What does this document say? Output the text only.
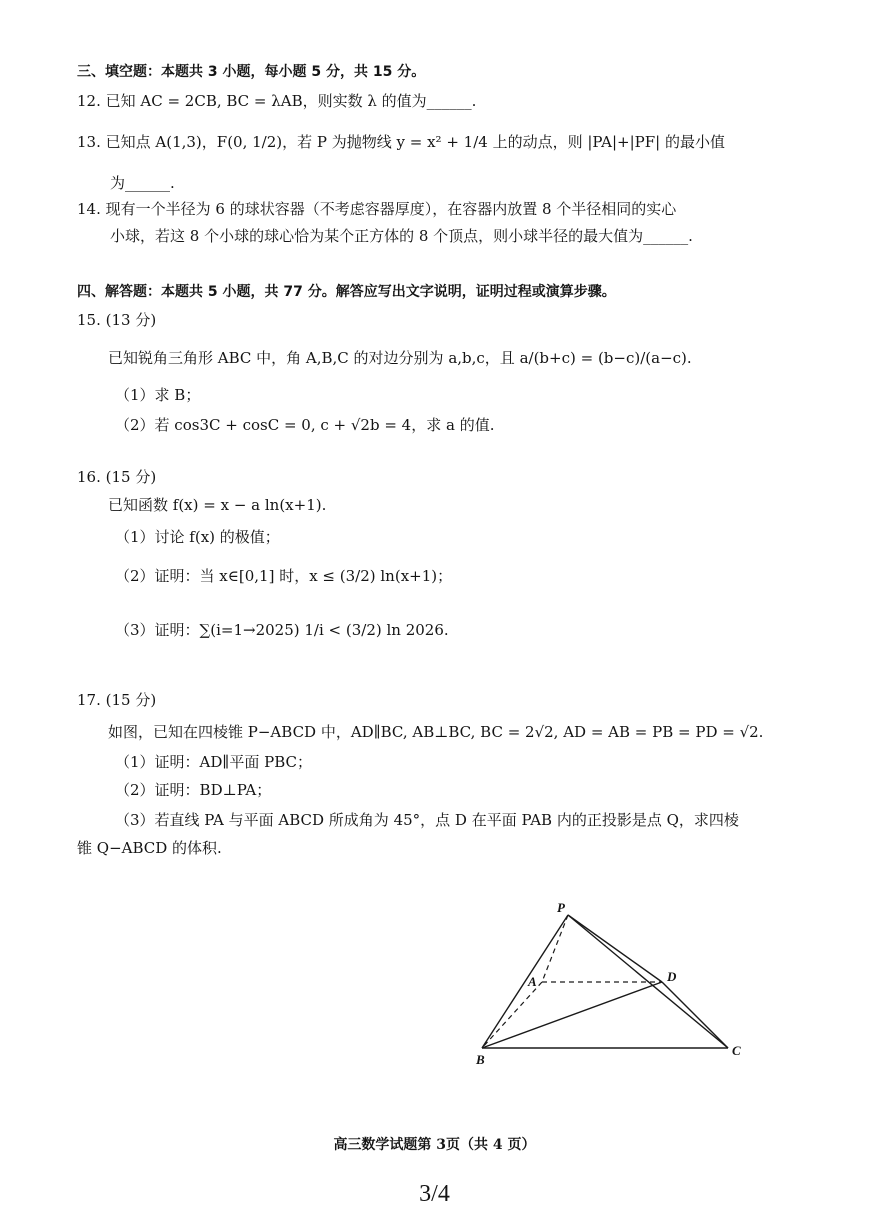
三、填空题：本题共 3 小题，每小题 5 分，共 15 分。
12. 已知 AC = 2CB, BC = λAB，则实数 λ 的值为______.
13. 已知点 A(1,3)，F(0, 1/2)，若 P 为抛物线 y = x² + 1/4 上的动点，则 |PA|+|PF| 的最小值
为______.
14. 现有一个半径为 6 的球状容器（不考虑容器厚度），在容器内放置 8 个半径相同的实心
小球，若这 8 个小球的球心恰为某个正方体的 8 个顶点，则小球半径的最大值为______.
四、解答题：本题共 5 小题，共 77 分。解答应写出文字说明，证明过程或演算步骤。
15. (13 分)
已知锐角三角形 ABC 中，角 A,B,C 的对边分别为 a,b,c，且 a/(b+c) = (b−c)/(a−c).
（1）求 B；
（2）若 cos3C + cosC = 0, c + √2b = 4，求 a 的值.
16. (15 分)
已知函数 f(x) = x − a ln(x+1).
（1）讨论 f(x) 的极值；
（2）证明：当 x∈[0,1] 时，x ≤ (3/2) ln(x+1)；
（3）证明：∑(i=1→2025) 1/i < (3/2) ln 2026.
17. (15 分)
如图，已知在四棱锥 P−ABCD 中，AD∥BC, AB⊥BC, BC = 2√2, AD = AB = PB = PD = √2.
（1）证明：AD∥平面 PBC；
（2）证明：BD⊥PA；
（3）若直线 PA 与平面 ABCD 所成角为 45°，点 D 在平面 PAB 内的正投影是点 Q，求四棱
锥 Q−ABCD 的体积.
P
A	D
B
C
高三数学试题第 3页（共 4 页）
3/4
